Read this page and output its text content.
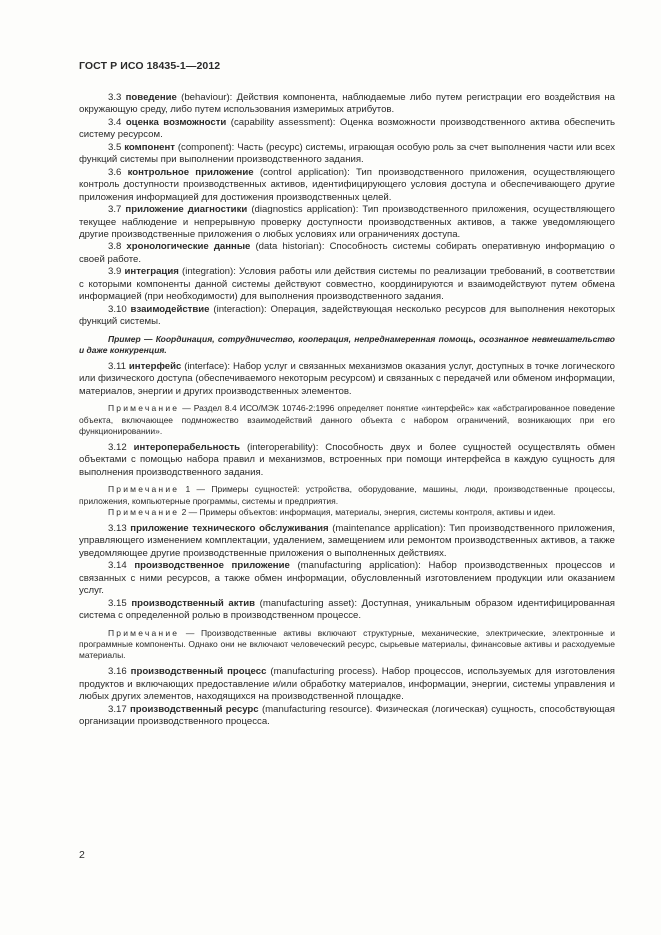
ГОСТ Р ИСО 18435-1—2012

3.3 поведение (behaviour): Действия компонента, наблюдаемые либо путем регистрации его воздействия на окружающую среду, либо путем использования измеримых атрибутов.

3.4 оценка возможности (capability assessment): Оценка возможности производственного актива обеспечить систему ресурсом.

3.5 компонент (component): Часть (ресурс) системы, играющая особую роль за счет выполнения части или всех функций системы при выполнении производственного задания.

3.6 контрольное приложение (control application): Тип производственного приложения, осуществляющего контроль доступности производственных активов, идентифицирующего условия доступа и обеспечивающего другие приложения информацией для достижения производственных целей.

3.7 приложение диагностики (diagnostics application): Тип производственного приложения, осуществляющего текущее наблюдение и непрерывную проверку доступности производственных активов, а также уведомляющего другие производственные приложения о любых условиях или ограничениях доступа.

3.8 хронологические данные (data historian): Способность системы собирать оперативную информацию о своей работе.

3.9 интеграция (integration): Условия работы или действия системы по реализации требований, в соответствии с которыми компоненты данной системы действуют совместно, координируются и взаимодействуют путем обмена информацией (при необходимости) для выполнения производственного задания.

3.10 взаимодействие (interaction): Операция, задействующая несколько ресурсов для выполнения некоторых функций системы.

Пример — Координация, сотрудничество, кооперация, непреднамеренная помощь, осознанное невмешательство и даже конкуренция.

3.11 интерфейс (interface): Набор услуг и связанных механизмов оказания услуг, доступных в точке логического или физического доступа (обеспечиваемого некоторым ресурсом) и связанных с передачей или обменом информации, материалов, энергии и других производственных элементов.

Примечание — Раздел 8.4 ИСО/МЭК 10746-2:1996 определяет понятие «интерфейс» как «абстрагированное поведение объекта, включающее подмножество взаимодействий данного объекта с набором ограничений, возникающих при его функционировании».

3.12 интероперабельность (interoperability): Способность двух и более сущностей осуществлять обмен объектами с помощью набора правил и механизмов, встроенных при помощи интерфейса в каждую сущность для выполнения производственного задания.

Примечание 1 — Примеры сущностей: устройства, оборудование, машины, люди, производственные процессы, приложения, компьютерные программы, системы и предприятия.

Примечание 2 — Примеры объектов: информация, материалы, энергия, системы контроля, активы и идеи.

3.13 приложение технического обслуживания (maintenance application): Тип производственного приложения, управляющего изменением комплектации, удалением, замещением или ремонтом производственных активов, а также уведомляющее другие производственные приложения о выполненных действиях.

3.14 производственное приложение (manufacturing application): Набор производственных процессов и связанных с ними ресурсов, а также обмен информации, обусловленный изготовлением продукции или оказанием услуг.

3.15 производственный актив (manufacturing asset): Доступная, уникальным образом идентифицированная система с определенной ролью в производственном процессе.

Примечание — Производственные активы включают структурные, механические, электрические, электронные и программные компоненты. Однако они не включают человеческий ресурс, сырьевые материалы, финансовые активы и расходуемые материалы.

3.16 производственный процесс (manufacturing process). Набор процессов, используемых для изготовления продуктов и включающих предоставление и/или обработку материалов, информации, энергии, системы управления и любых других элементов, находящихся на производственной площадке.

3.17 производственный ресурс (manufacturing resource). Физическая (логическая) сущность, способствующая организации производственного процесса.

2
